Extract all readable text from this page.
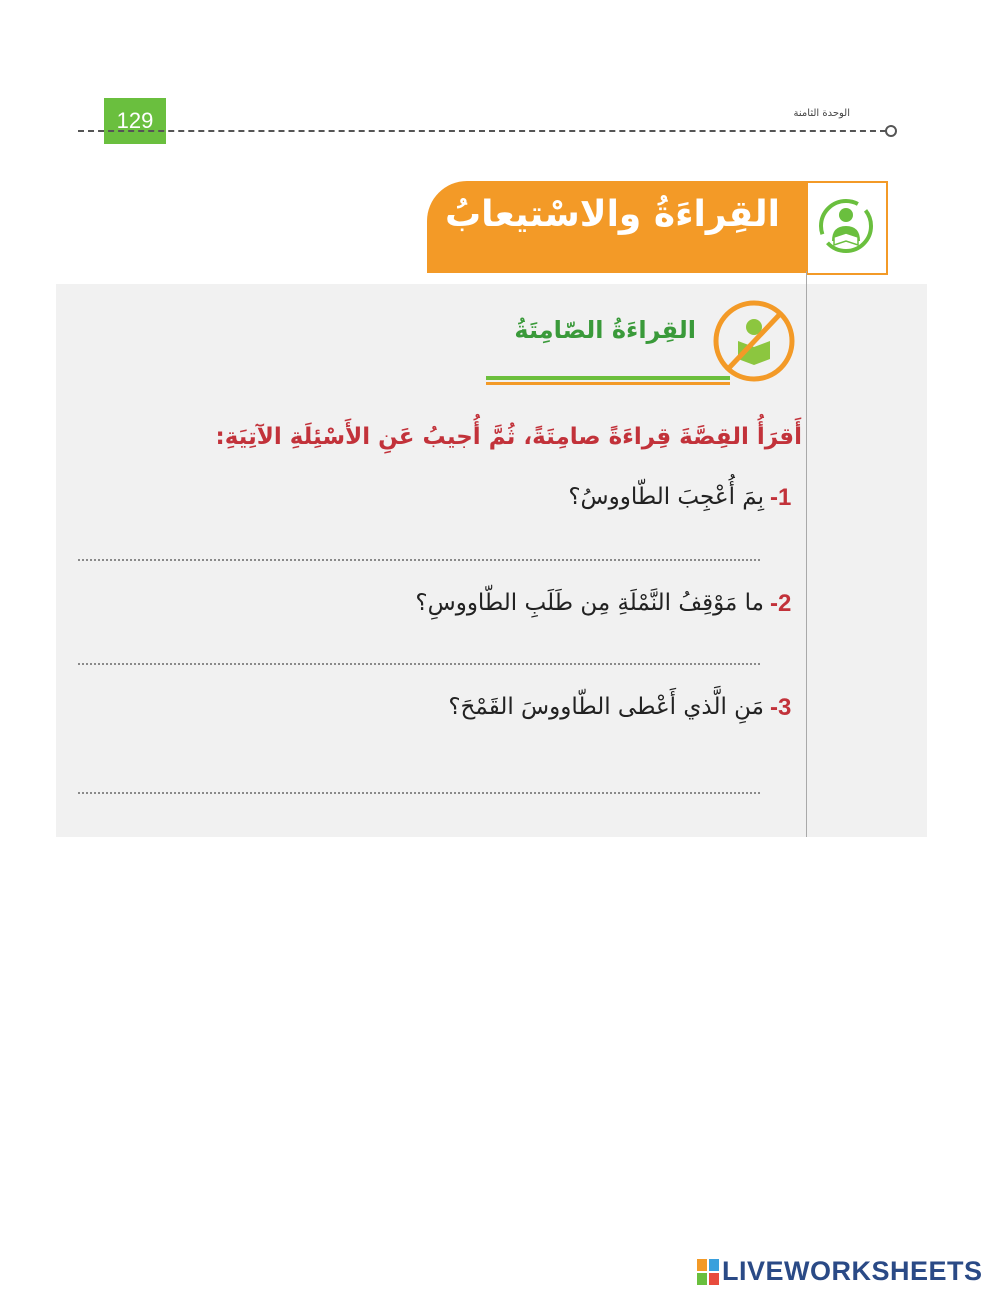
129	الوحدة الثامنة
القِراءَةُ والاسْتيعابُ
القِراءَةُ الصّامِتَةُ
أَقرَأُ القِصَّةَ قِراءَةً صامِتَةً، ثُمَّ أُجيبُ عَنِ الأَسْئِلَةِ الآتِيَةِ:
-1
بِمَ أُعْجِبَ الطّاووسُ؟
-2
ما مَوْقِفُ النَّمْلَةِ مِن طَلَبِ الطّاووسِ؟
-3
مَنِ الَّذي أَعْطى الطّاووسَ القَمْحَ؟
LIVEWORKSHEETS
